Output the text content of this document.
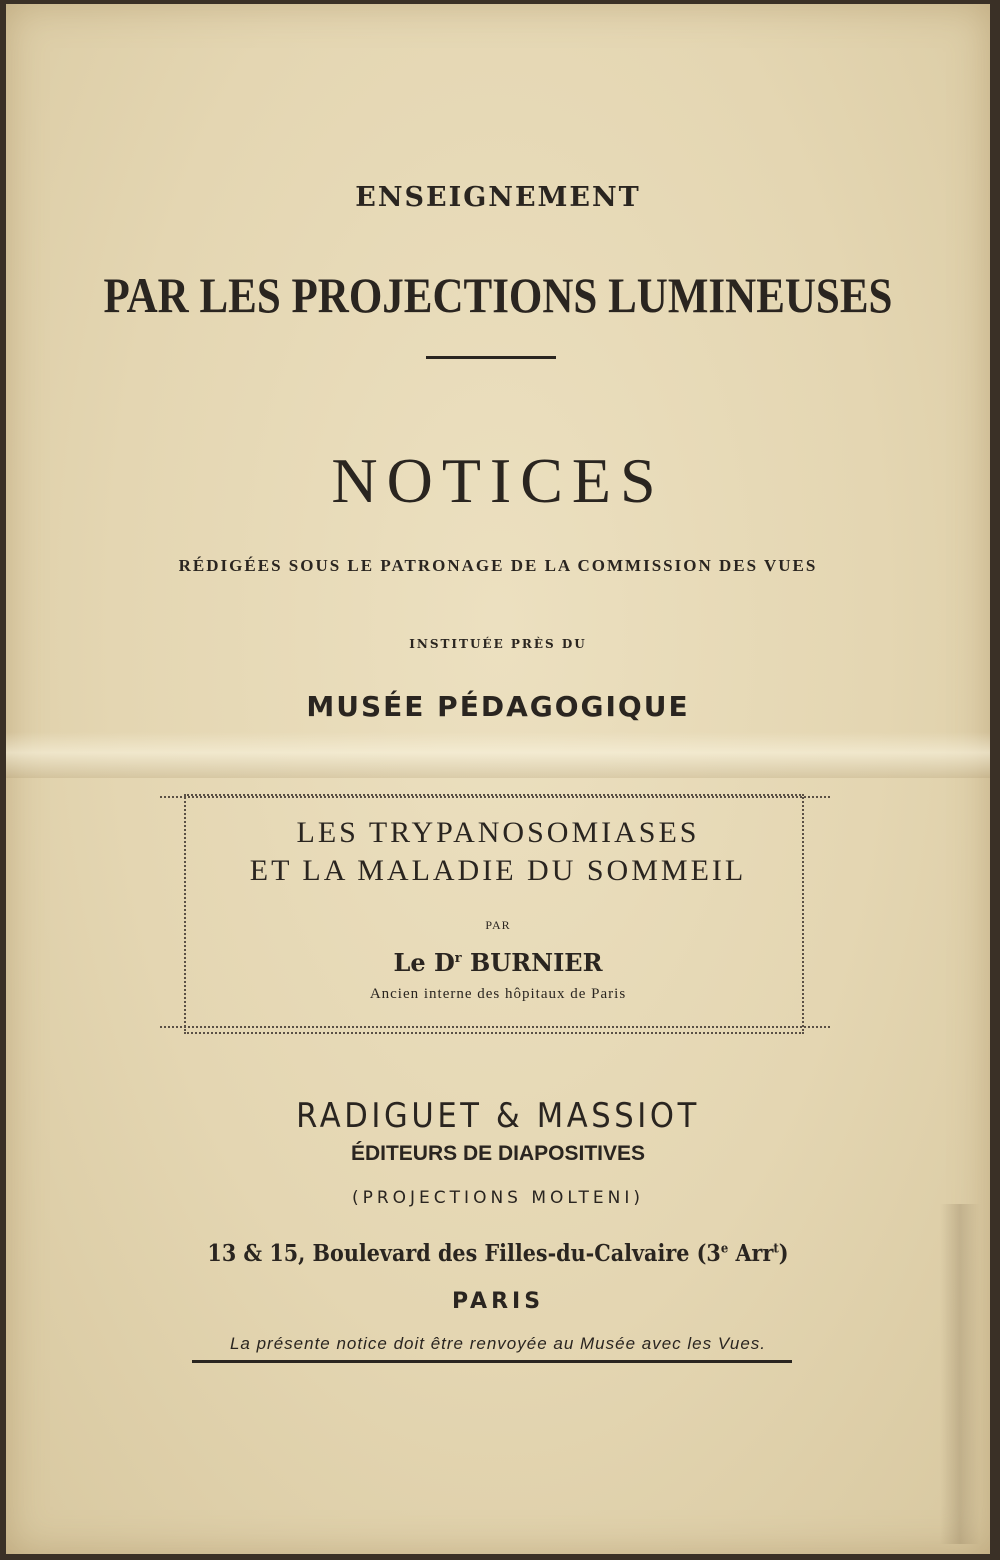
ENSEIGNEMENT
PAR LES PROJECTIONS LUMINEUSES
NOTICES
RÉDIGÉES SOUS LE PATRONAGE DE LA COMMISSION DES VUES
INSTITUÉE PRÈS DU
MUSÉE PÉDAGOGIQUE
LES TRYPANOSOMIASES
ET LA MALADIE DU SOMMEIL
PAR
Le $D^r$ BURNIER
Ancien interne des hôpitaux de Paris
RADIGUET & MASSIOT
ÉDITEURS DE DIAPOSITIVES
(PROJECTIONS MOLTENI)
13 & 15, Boulevard des Filles-du-Calvaire (3e Arr$^t$)
PARIS
La présente notice doit être renvoyée au Musée avec les Vues.
